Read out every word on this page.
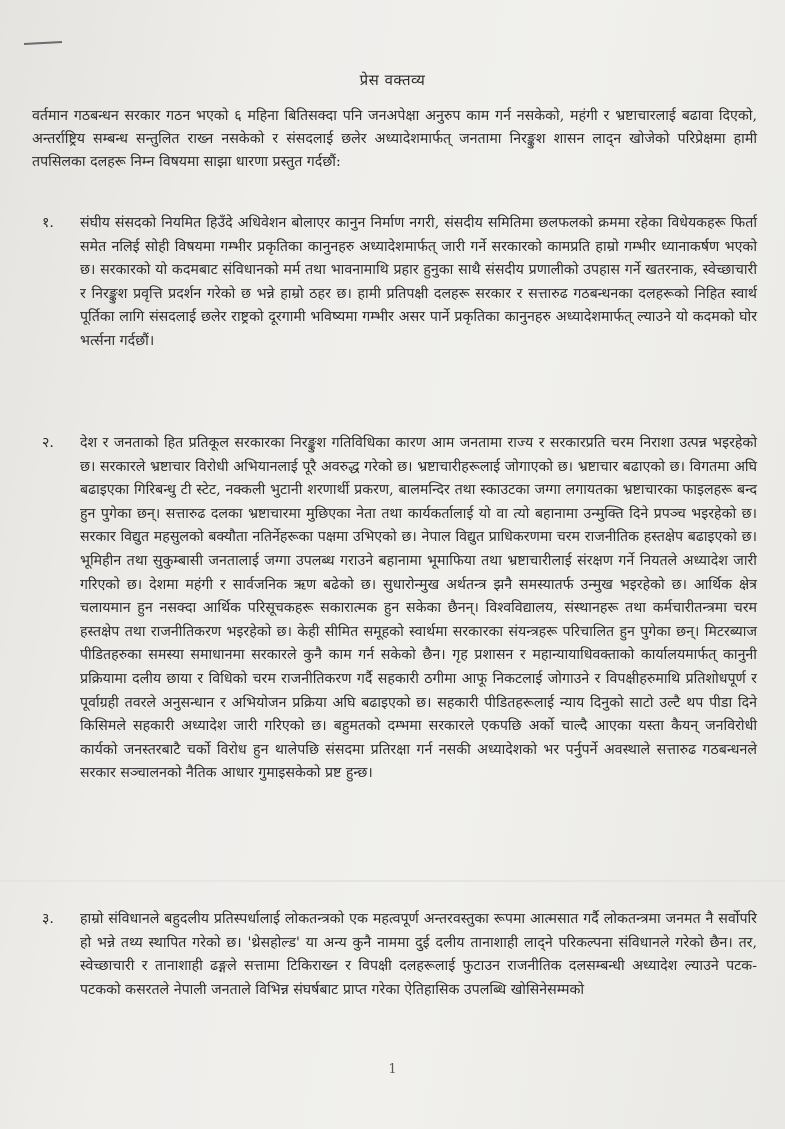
प्रेस वक्तव्य
वर्तमान गठबन्धन सरकार गठन भएको ६ महिना बितिसक्दा पनि जनअपेक्षा अनुरुप काम गर्न नसकेको, महंगी र भ्रष्टाचारलाई बढावा दिएको, अन्तर्राष्ट्रिय सम्बन्ध सन्तुलित राख्न नसकेको र संसदलाई छलेर अध्यादेशमार्फत् जनतामा निरङ्कुश शासन लाद्न खोजेको परिप्रेक्षमा हामी तपसिलका दलहरू निम्न विषयमा साझा धारणा प्रस्तुत गर्दछौं:
१.	संघीय संसदको नियमित हिउँदे अधिवेशन बोलाएर कानुन निर्माण नगरी, संसदीय समितिमा छलफलको क्रममा रहेका विधेयकहरू फिर्ता समेत नलिई सोही विषयमा गम्भीर प्रकृतिका कानुनहरु अध्यादेशमार्फत् जारी गर्ने सरकारको कामप्रति हाम्रो गम्भीर ध्यानाकर्षण भएको छ। सरकारको यो कदमबाट संविधानको मर्म तथा भावनामाथि प्रहार हुनुका साथै संसदीय प्रणालीको उपहास गर्ने खतरनाक, स्वेच्छाचारी र निरङ्कुश प्रवृत्ति प्रदर्शन गरेको छ भन्ने हाम्रो ठहर छ। हामी प्रतिपक्षी दलहरू सरकार र सत्तारुढ गठबन्धनका दलहरूको निहित स्वार्थ पूर्तिका लागि संसदलाई छलेर राष्ट्रको दूरगामी भविष्यमा गम्भीर असर पार्ने प्रकृतिका कानुनहरु अध्यादेशमार्फत् ल्याउने यो कदमको घोर भर्त्सना गर्दछौं।
२.	देश र जनताको हित प्रतिकूल सरकारका निरङ्कुश गतिविधिका कारण आम जनतामा राज्य र सरकारप्रति चरम निराशा उत्पन्न भइरहेको छ। सरकारले भ्रष्टाचार विरोधी अभियानलाई पूरै अवरुद्ध गरेको छ। भ्रष्टाचारीहरूलाई जोगाएको छ। भ्रष्टाचार बढाएको छ। विगतमा अघि बढाइएका गिरिबन्धु टी स्टेट, नक्कली भुटानी शरणार्थी प्रकरण, बालमन्दिर तथा स्काउटका जग्गा लगायतका भ्रष्टाचारका फाइलहरू बन्द हुन पुगेका छन्। सत्तारुढ दलका भ्रष्टाचारमा मुछिएका नेता तथा कार्यकर्तालाई यो वा त्यो बहानामा उन्मुक्ति दिने प्रपञ्च भइरहेको छ। सरकार विद्युत महसुलको बक्यौता नतिर्नेहरूका पक्षमा उभिएको छ। नेपाल विद्युत प्राधिकरणमा चरम राजनीतिक हस्तक्षेप बढाइएको छ। भूमिहीन तथा सुकुम्बासी जनतालाई जग्गा उपलब्ध गराउने बहानामा भूमाफिया तथा भ्रष्टाचारीलाई संरक्षण गर्ने नियतले अध्यादेश जारी गरिएको छ। देशमा महंगी र सार्वजनिक ऋण बढेको छ। सुधारोन्मुख अर्थतन्त्र झनै समस्यातर्फ उन्मुख भइरहेको छ। आर्थिक क्षेत्र चलायमान हुन नसक्दा आर्थिक परिसूचकहरू सकारात्मक हुन सकेका छैनन्। विश्वविद्यालय, संस्थानहरू तथा कर्मचारीतन्त्रमा चरम हस्तक्षेप तथा राजनीतिकरण भइरहेको छ। केही सीमित समूहको स्वार्थमा सरकारका संयन्त्रहरू परिचालित हुन पुगेका छन्। मिटरब्याज पीडितहरुका समस्या समाधानमा सरकारले कुनै काम गर्न सकेको छैन। गृह प्रशासन र महान्यायाधिवक्ताको कार्यालयमार्फत् कानुनी प्रक्रियामा दलीय छाया र विधिको चरम राजनीतिकरण गर्दै सहकारी ठगीमा आफू निकटलाई जोगाउने र विपक्षीहरुमाथि प्रतिशोधपूर्ण र पूर्वाग्रही तवरले अनुसन्धान र अभियोजन प्रक्रिया अघि बढाइएको छ। सहकारी पीडितहरूलाई न्याय दिनुको साटो उल्टै थप पीडा दिने किसिमले सहकारी अध्यादेश जारी गरिएको छ। बहुमतको दम्भमा सरकारले एकपछि अर्को चाल्दै आएका यस्ता कैयन् जनविरोधी कार्यको जनस्तरबाटै चर्को विरोध हुन थालेपछि संसदमा प्रतिरक्षा गर्न नसकी अध्यादेशको भर पर्नुपर्ने अवस्थाले सत्तारुढ गठबन्धनले सरकार सञ्चालनको नैतिक आधार गुमाइसकेको प्रष्ट हुन्छ।
३.	हाम्रो संविधानले बहुदलीय प्रतिस्पर्धालाई लोकतन्त्रको एक महत्वपूर्ण अन्तरवस्तुका रूपमा आत्मसात गर्दै लोकतन्त्रमा जनमत नै सर्वोपरि हो भन्ने तथ्य स्थापित गरेको छ। 'थ्रेसहोल्ड' या अन्य कुनै नाममा दुई दलीय तानाशाही लाद्ने परिकल्पना संविधानले गरेको छैन। तर, स्वेच्छाचारी र तानाशाही ढङ्गले सत्तामा टिकिराख्न र विपक्षी दलहरूलाई फुटाउन राजनीतिक दलसम्बन्धी अध्यादेश ल्याउने पटक-पटकको कसरतले नेपाली जनताले विभिन्न संघर्षबाट प्राप्त गरेका ऐतिहासिक उपलब्धि खोसिनेसम्मको
1
